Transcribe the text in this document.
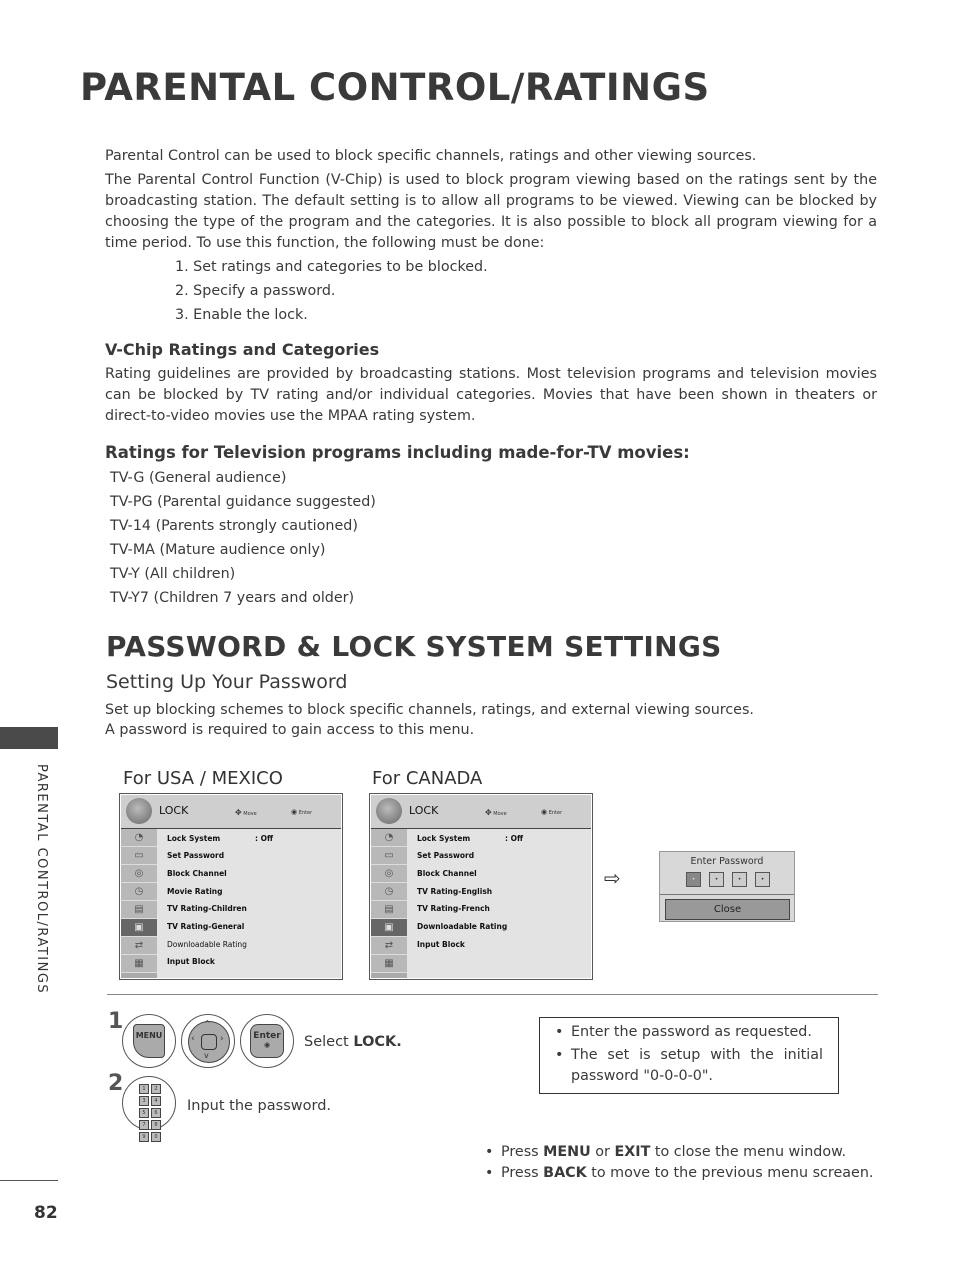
PARENTAL CONTROL/RATINGS
Parental Control can be used to block specific channels, ratings and other viewing sources.
The Parental Control Function (V-Chip) is used to block program viewing based on the ratings sent by the broadcasting station. The default setting is to allow all programs to be viewed. Viewing can be blocked by choosing the type of the program and the categories. It is also possible to block all program viewing for a time period. To use this function, the following must be done:
1. Set ratings and categories to be blocked.
2. Specify a password.
3. Enable the lock.
V-Chip Ratings and Categories
Rating guidelines are provided by broadcasting stations. Most television programs and television movies can be blocked by TV rating and/or individual categories. Movies that have been shown in theaters or direct-to-video movies use the MPAA rating system.
Ratings for Television programs including made-for-TV movies:
TV-G (General audience)
TV-PG (Parental guidance suggested)
TV-14 (Parents strongly cautioned)
TV-MA (Mature audience only)
TV-Y (All children)
TV-Y7 (Children 7 years and older)
PASSWORD & LOCK SYSTEM SETTINGS
Setting Up Your Password
Set up blocking schemes to block specific channels, ratings, and external viewing sources.
A password is required to gain access to this menu.
For USA / MEXICO
LOCK	✥ Move	◉ Enter
◔
▭
◎
◷
▤
▣
⇄
▦
Lock System	: Off
Set Password
Block Channel
Movie Rating
TV Rating-Children
TV Rating-General
Downloadable Rating
Input Block
For CANADA
LOCK	✥ Move	◉ Enter
◔
▭
◎
◷
▤
▣
⇄
▦
Lock System	: Off
Set Password
Block Channel
TV Rating-English
TV Rating-French
Downloadable Rating
Input Block
⇨
Enter Password
•	•	•	•
Close
1
MENU
^
‹	›
v
Enter
◉	Select LOCK.
2	1	2
3	4
5	6
7	8
9	0
Input the password.
• Enter the password as requested.
• The set is setup with the initial password "0-0-0-0".
• Press MENU or EXIT to close the menu window.
• Press BACK to move to the previous menu screaen.
PARENTAL CONTROL/RATINGS
82
